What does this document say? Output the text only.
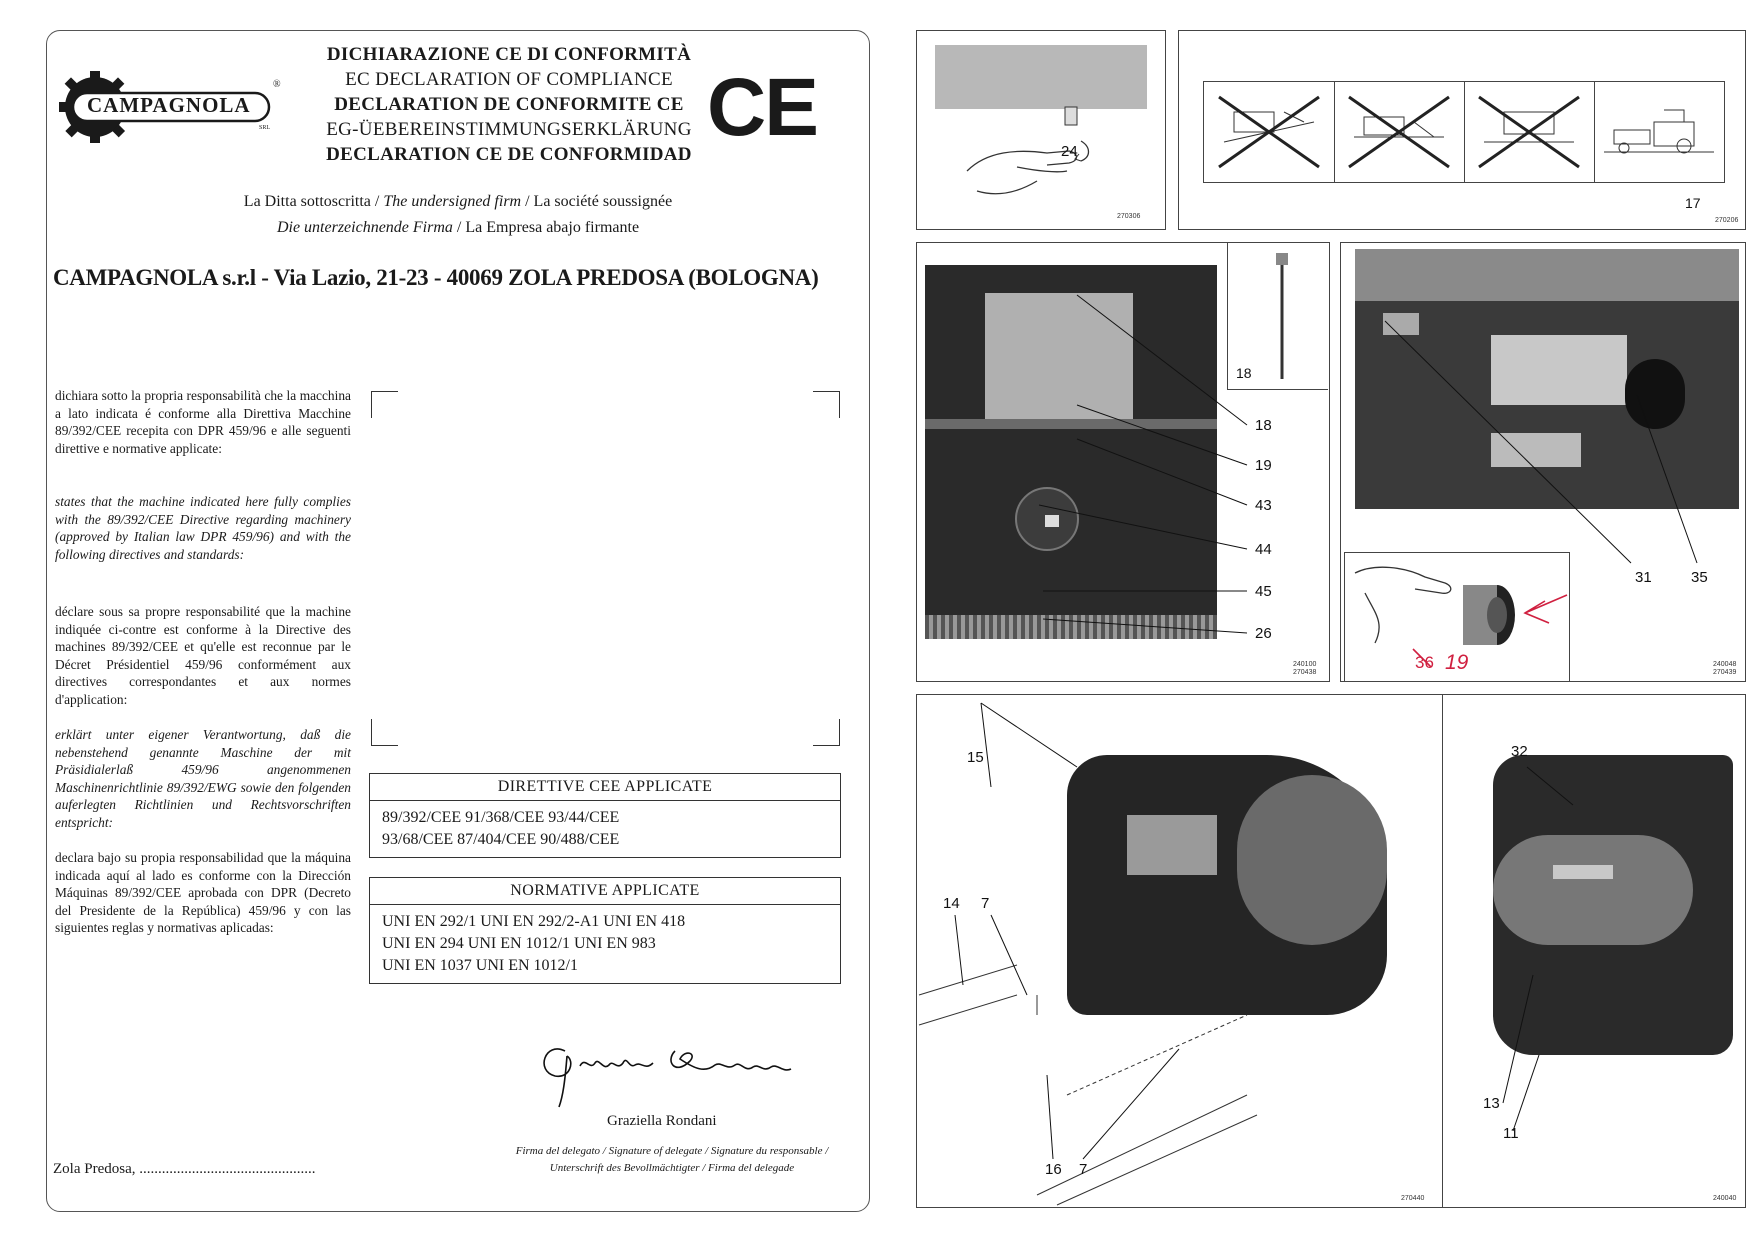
CAMPAGNOLA
®
SRL
DICHIARAZIONE CE DI CONFORMITÀ
EC DECLARATION OF COMPLIANCE
DECLARATION DE CONFORMITE CE
EG-ÜEBEREINSTIMMUNGSERKLÄRUNG
DECLARATION CE DE CONFORMIDAD
CE
La Ditta sottoscritta / The undersigned firm / La société soussignée
Die unterzeichnende Firma / La Empresa abajo firmante
CAMPAGNOLA s.r.l - Via Lazio, 21-23 - 40069 ZOLA PREDOSA (BOLOGNA)
dichiara sotto la propria responsabilità che la macchina a lato indicata é conforme alla Direttiva Macchine 89/392/CEE recepita con DPR 459/96 e alle seguenti direttive e normative applicate:
states that the machine indicated here fully complies with the 89/392/CEE Directive regarding machinery (approved by Italian law DPR 459/96) and with the following directives and standards:
déclare sous sa propre responsabilité que la machine indiquée ci-contre est conforme à la Directive des machines 89/392/CEE et qu'elle est reconnue par le Décret Présidentiel 459/96 conformément aux directives correspondantes et aux normes d'application:
erklärt unter eigener Verantwortung, daß die nebenstehend genannte Maschine der mit Präsidialerlaß 459/96 angenommenen Maschinenrichtlinie 89/392/EWG sowie den folgenden auferlegten Richtlinien und Rechtsvorschriften entspricht:
declara bajo su propia responsabilidad que la máquina indicada aquí al lado es conforme con la Dirección Máquinas 89/392/CEE aprobada con DPR (Decreto del Presidente de la República) 459/96 y con las siguientes reglas y normativas aplicadas:
DIRETTIVE CEE APPLICATE
89/392/CEE 91/368/CEE 93/44/CEE
93/68/CEE 87/404/CEE 90/488/CEE
NORMATIVE APPLICATE
UNI EN 292/1 UNI EN 292/2-A1 UNI EN 418
UNI EN 294 UNI EN 1012/1 UNI EN 983
UNI EN 1037 UNI EN 1012/1
Graziella Rondani
Firma del delegato / Signature of delegate / Signature du responsable /
Unterschrift des Bevollmächtigter / Firma del delegade
Zola Predosa, ...............................................
24
270306
17
270206
18
18
19
43
44
45
26
240100
270438
31	35
240048
270439
36 19
15
14 7
16 7
270440
32
13
11
240040
